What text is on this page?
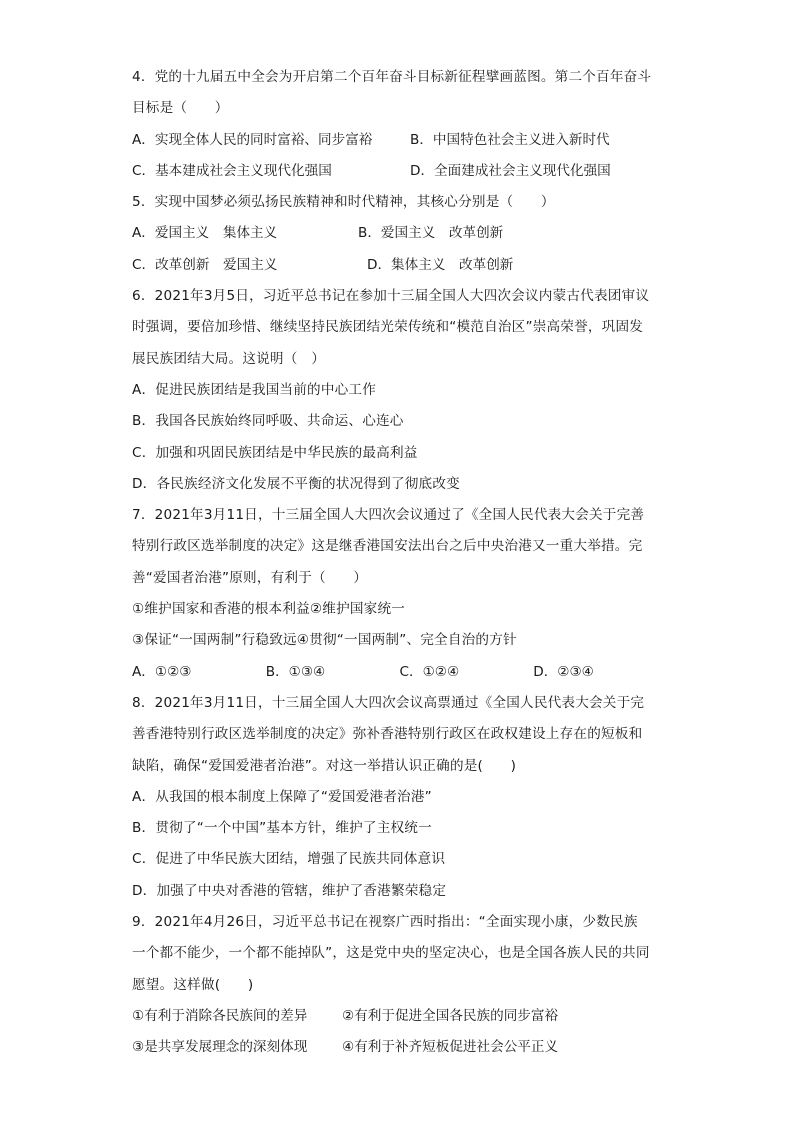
4．党的十九届五中全会为开启第二个百年奋斗目标新征程擘画蓝图。第二个百年奋斗
目标是（　　）
A．实现全体人民的同时富裕、同步富裕	B．中国特色社会主义进入新时代
C．基本建成社会主义现代化强国	D．全面建成社会主义现代化强国
5．实现中国梦必须弘扬民族精神和时代精神，其核心分别是（　　）
A．爱国主义　集体主义	B．爱国主义　改革创新
C．改革创新　爱国主义	D．集体主义　改革创新
6．2021年3月5日，习近平总书记在参加十三届全国人大四次会议内蒙古代表团审议
时强调，要倍加珍惜、继续坚持民族团结光荣传统和“模范自治区”崇高荣誉，巩固发
展民族团结大局。这说明（　）
A．促进民族团结是我国当前的中心工作
B．我国各民族始终同呼吸、共命运、心连心
C．加强和巩固民族团结是中华民族的最高利益
D．各民族经济文化发展不平衡的状况得到了彻底改变
7．2021年3月11日，十三届全国人大四次会议通过了《全国人民代表大会关于完善
特别行政区选举制度的决定》这是继香港国安法出台之后中央治港又一重大举措。完
善“爱国者治港”原则，有利于（　　）
①维护国家和香港的根本利益②维护国家统一
③保证“一国两制”行稳致远④贯彻“一国两制”、完全自治的方针
A．①②③	B．①③④	C．①②④	D．②③④
8．2021年3月11日，十三届全国人大四次会议高票通过《全国人民代表大会关于完
善香港特别行政区选举制度的决定》弥补香港特别行政区在政权建设上存在的短板和
缺陷，确保“爱国爱港者治港”。对这一举措认识正确的是(　　)
A．从我国的根本制度上保障了“爱国爱港者治港”
B．贯彻了“一个中国”基本方针，维护了主权统一
C．促进了中华民族大团结，增强了民族共同体意识
D．加强了中央对香港的管辖，维护了香港繁荣稳定
9．2021年4月26日，习近平总书记在视察广西时指出：“全面实现小康，少数民族
一个都不能少，一个都不能掉队”，这是党中央的坚定决心，也是全国各族人民的共同
愿望。这样做(　　)
①有利于消除各民族间的差异	②有利于促进全国各民族的同步富裕
③是共享发展理念的深刻体现	④有利于补齐短板促进社会公平正义
